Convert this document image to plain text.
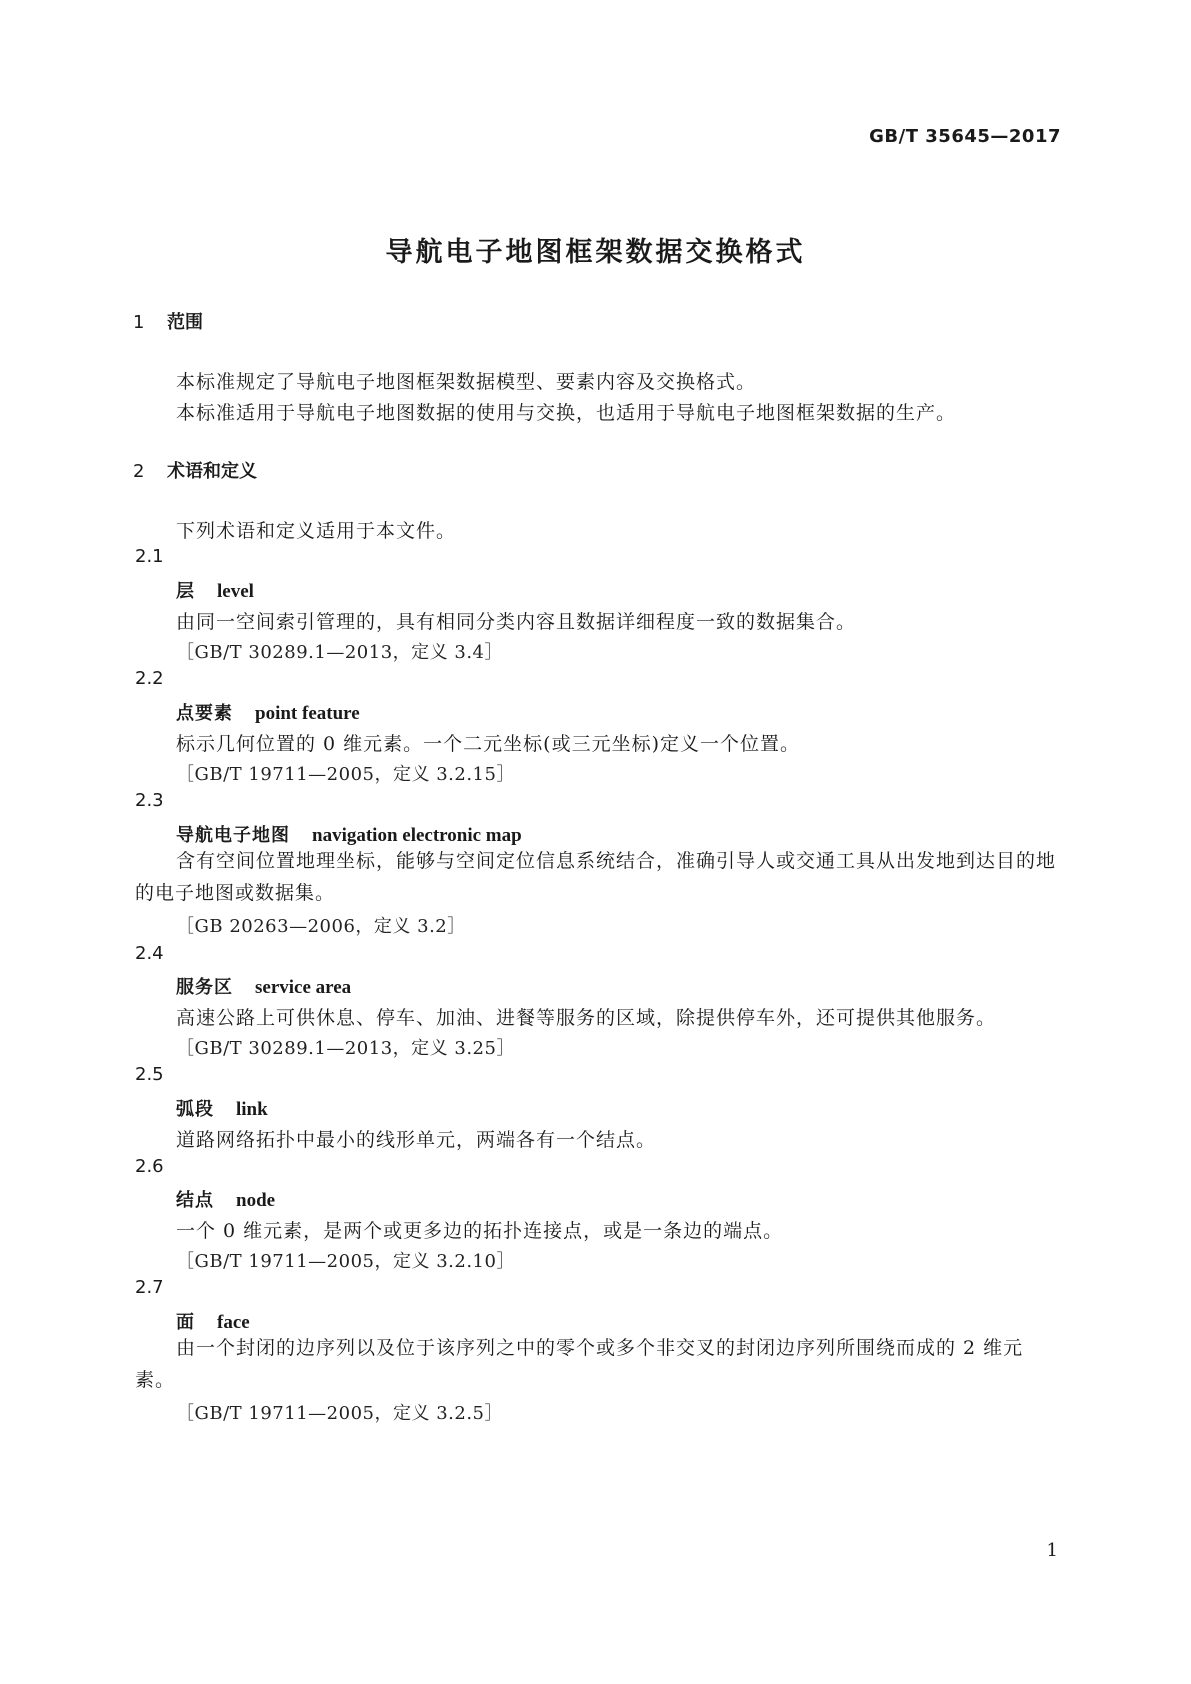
GB/T 35645—2017
导航电子地图框架数据交换格式
1 范围
本标准规定了导航电子地图框架数据模型、要素内容及交换格式。
本标准适用于导航电子地图数据的使用与交换，也适用于导航电子地图框架数据的生产。
2 术语和定义
下列术语和定义适用于本文件。
2.1
层 level
由同一空间索引管理的，具有相同分类内容且数据详细程度一致的数据集合。
［GB/T 30289.1—2013，定义 3.4］
2.2
点要素 point feature
标示几何位置的 0 维元素。一个二元坐标(或三元坐标)定义一个位置。
［GB/T 19711—2005，定义 3.2.15］
2.3
导航电子地图 navigation electronic map
含有空间位置地理坐标，能够与空间定位信息系统结合，准确引导人或交通工具从出发地到达目的地的电子地图或数据集。
［GB 20263—2006，定义 3.2］
2.4
服务区 service area
高速公路上可供休息、停车、加油、进餐等服务的区域，除提供停车外，还可提供其他服务。
［GB/T 30289.1—2013，定义 3.25］
2.5
弧段 link
道路网络拓扑中最小的线形单元，两端各有一个结点。
2.6
结点 node
一个 0 维元素，是两个或更多边的拓扑连接点，或是一条边的端点。
［GB/T 19711—2005，定义 3.2.10］
2.7
面 face
由一个封闭的边序列以及位于该序列之中的零个或多个非交叉的封闭边序列所围绕而成的 2 维元素。
［GB/T 19711—2005，定义 3.2.5］
1
